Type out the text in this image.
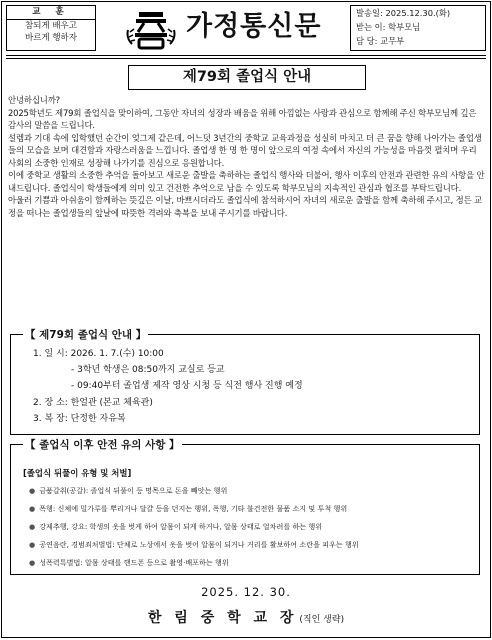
교 훈
참되게 배우고
바르게 행하자	가정통신문	발송일: 2025.12.30.(화)
받는 이: 학부모님
담 당: 교무부
제79회 졸업식 안내

안녕하십니까?

2025학년도 제79회 졸업식을 맞이하여, 그동안 자녀의 성장과 배움을 위해 아낌없는 사랑과 관심으로 함께해 주신 학부모님께 깊은 감사의 말씀을 드립니다.

설렘과 기대 속에 입학했던 순간이 엊그제 같은데, 어느덧 3년간의 중학교 교육과정을 성실히 마치고 더 큰 꿈을 향해 나아가는 졸업생들의 모습을 보며 대견함과 자랑스러움을 느낍니다. 졸업생 한 명 한 명이 앞으로의 여정 속에서 자신의 가능성을 마음껏 펼치며 우리 사회의 소중한 인재로 성장해 나가기를 진심으로 응원합니다.

이에 중학교 생활의 소중한 추억을 돌아보고 새로운 출발을 축하하는 졸업식 행사와 더불어, 행사 이후의 안전과 관련한 유의 사항을 안내드립니다. 졸업식이 학생들에게 의미 있고 건전한 추억으로 남을 수 있도록 학부모님의 지속적인 관심과 협조를 부탁드립니다.

아울러 기쁨과 아쉬움이 함께하는 뜻깊은 이날, 바쁘시더라도 졸업식에 참석하시어 자녀의 새로운 출발을 함께 축하해 주시고, 정든 교정을 떠나는 졸업생들의 앞날에 따뜻한 격려와 축복을 보내 주시기를 바랍니다.

【 제79회 졸업식 안내 】
1. 일 시: 2026. 1. 7.(수) 10:00
- 3학년 학생은 08:50까지 교실로 등교
- 09:40부터 졸업생 제작 영상 시청 등 식전 행사 진행 예정
2. 장 소: 한얼관 (본교 체육관)
3. 복 장: 단정한 자유복
【 졸업식 이후 안전 유의 사항 】
[졸업식 뒤풀이 유형 및 처벌]
● 금품갈취(공갈): 졸업식 뒤풀이 등 명목으로 돈을 빼앗는 행위
● 폭행: 신체에 밀가루를 뿌리거나 달걀 등을 던지는 행위, 폭행, 기타 불건전한 물품 소지 및 투척 행위
● 강제추행, 강요: 학생의 옷을 벗게 하여 알몸이 되게 하거나, 알몸 상태로 얼차려를 하는 행위
● 공연음란, 경범죄처벌법: 단체로 노상에서 옷을 벗어 알몸이 되거나 거리를 활보하여 소란을 피우는 행위
● 성폭력특별법: 알몸 상태를 핸드폰 등으로 촬영·배포하는 행위
2025. 12. 30.
한 림 중 학 교 장 (직인 생략)
